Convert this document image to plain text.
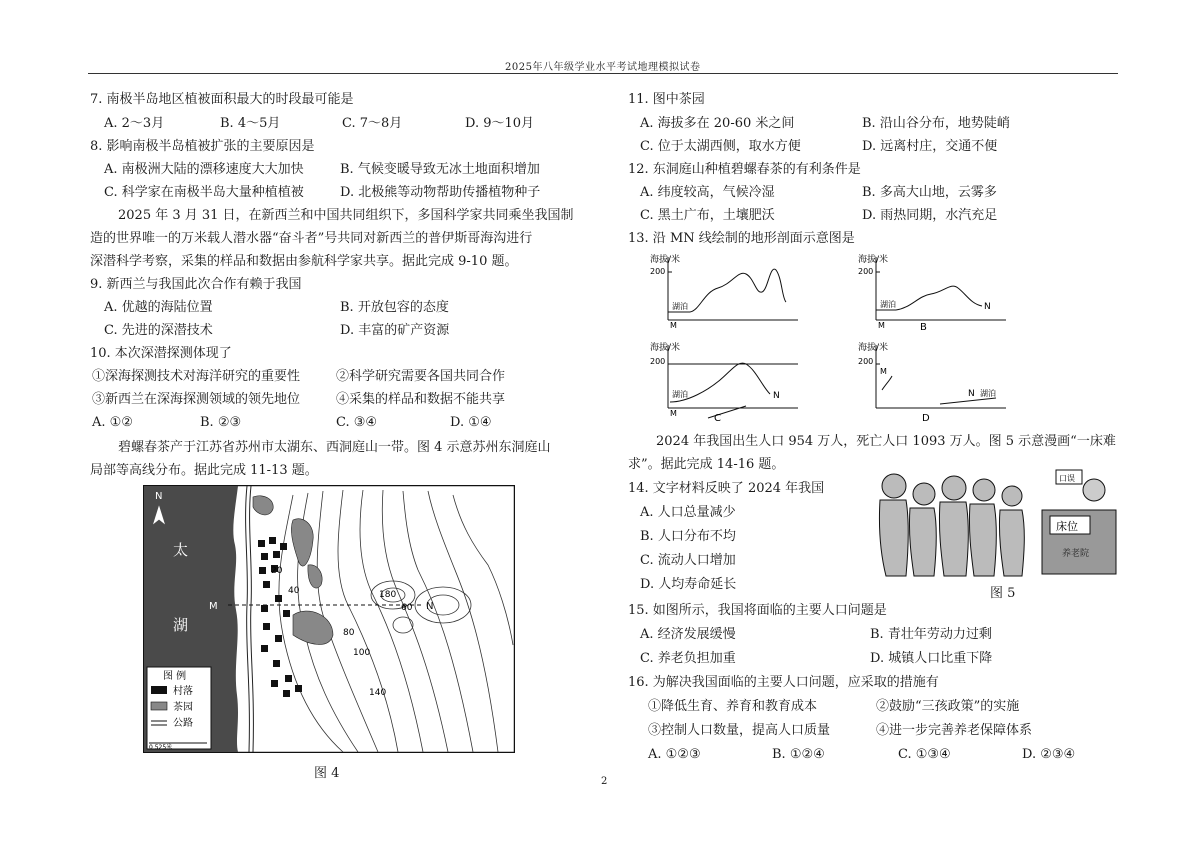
2025年八年级学业水平考试地理模拟试卷
7. 南极半岛地区植被面积最大的时段最可能是
A. 2～3月	B. 4～5月	C. 7～8月	D. 9～10月
8. 影响南极半岛植被扩张的主要原因是
A. 南极洲大陆的漂移速度大大加快	B. 气候变暖导致无冰土地面积增加
C. 科学家在南极半岛大量种植植被	D. 北极熊等动物帮助传播植物种子
2025 年 3 月 31 日，在新西兰和中国共同组织下，多国科学家共同乘坐我国制
造的世界唯一的万米载人潜水器“奋斗者”号共同对新西兰的普伊斯哥海沟进行
深潜科学考察，采集的样品和数据由参航科学家共享。据此完成 9-10 题。
9. 新西兰与我国此次合作有赖于我国
A. 优越的海陆位置	B. 开放包容的态度
C. 先进的深潜技术	D. 丰富的矿产资源
10. 本次深潜探测体现了
①深海探测技术对海洋研究的重要性	②科学研究需要各国共同合作
③新西兰在深海探测领域的领先地位	④采集的样品和数据不能共享
A. ①②	B. ②③	C. ③④	D. ①④
碧螺春茶产于江苏省苏州市太湖东、西洞庭山一带。图 4 示意苏州东洞庭山
局部等高线分布。据此完成 11-13 题。
N
太
湖
M	N
20
40
60
80
100
140
180
图 例
村落
茶园
公路
0 525米
图 4
11. 图中茶园
A. 海拔多在 20-60 米之间	B. 沿山谷分布，地势陡峭
C. 位于太湖西侧，取水方便	D. 远离村庄，交通不便
12. 东洞庭山种植碧螺春茶的有利条件是
A. 纬度较高，气候冷湿	B. 多高大山地，云雾多
C. 黑土广布，土壤肥沃	D. 雨热同期，水汽充足
13. 沿 MN 线绘制的地形剖面示意图是
海拔/米
200
湖泊
M
海拔/米
200
湖泊
M
N
B
海拔/米
200
湖泊
M
N
C
海拔/米
200
M
湖泊
N
D
2024 年我国出生人口 954 万人，死亡人口 1093 万人。图 5 示意漫画“一床难
求”。据此完成 14-16 题。
14. 文字材料反映了 2024 年我国
A. 人口总量减少
B. 人口分布不均
C. 流动人口增加
D. 人均寿命延长
床位
养老院
口误
图 5
15. 如图所示，我国将面临的主要人口问题是
A. 经济发展缓慢	B. 青壮年劳动力过剩
C. 养老负担加重	D. 城镇人口比重下降
16. 为解决我国面临的主要人口问题，应采取的措施有
①降低生育、养育和教育成本	②鼓励“三孩政策”的实施
③控制人口数量，提高人口质量	④进一步完善养老保障体系
A. ①②③	B. ①②④	C. ①③④	D. ②③④
2
